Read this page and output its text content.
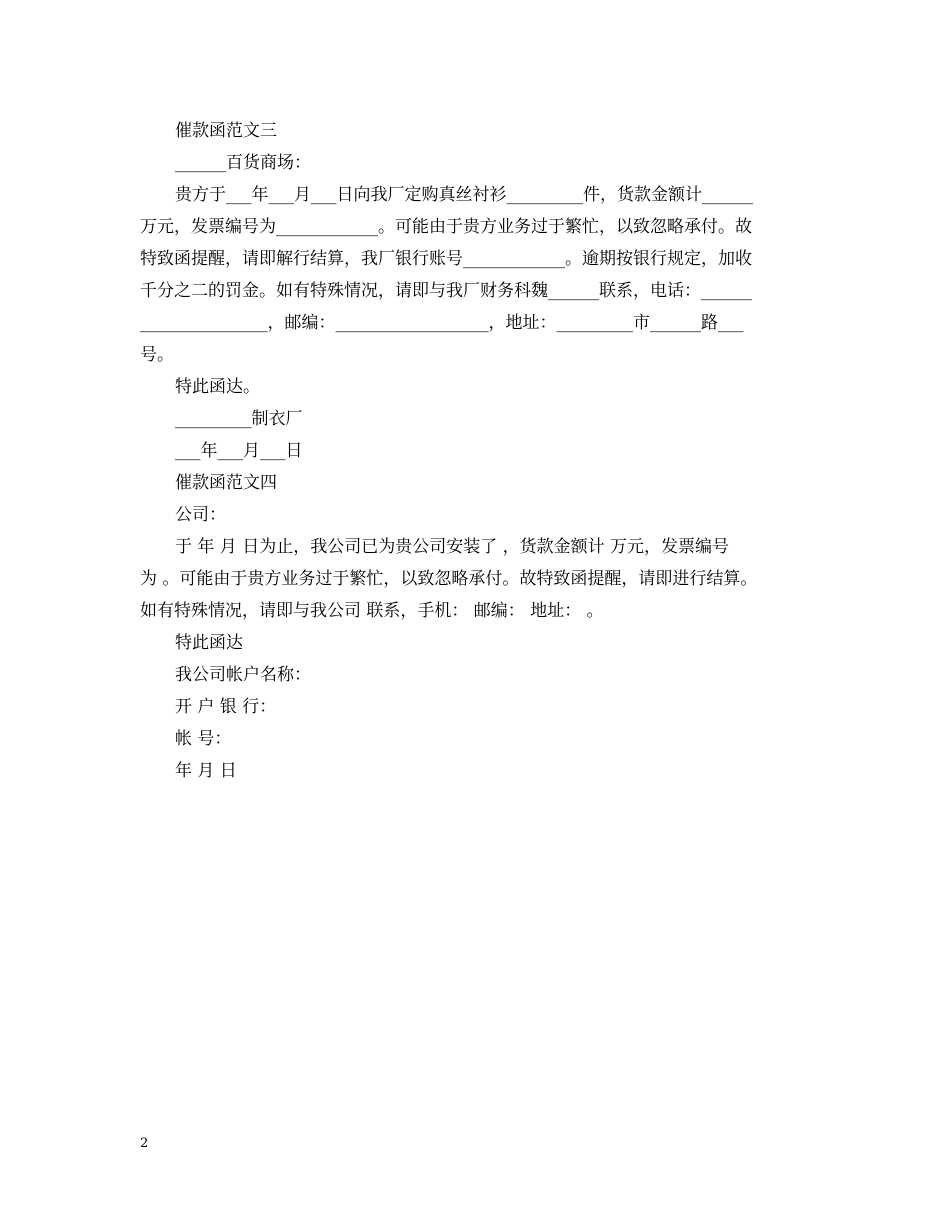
催款函范文三
______百货商场：
贵方于___年___月___日向我厂定购真丝衬衫_________件，货款金额计______
万元，发票编号为____________。可能由于贵方业务过于繁忙，以致忽略承付。故
特致函提醒，请即解行结算，我厂银行账号____________。逾期按银行规定，加收
千分之二的罚金。如有特殊情况，请即与我厂财务科魏______联系，电话：______
_______________，邮编：__________________，地址：_________市______路___
号。
特此函达。
_________制衣厂
___年___月___日
催款函范文四
公司：
于 年 月 日为止，我公司已为贵公司安装了 ，货款金额计 万元，发票编号
为 。可能由于贵方业务过于繁忙，以致忽略承付。故特致函提醒，请即进行结算。
如有特殊情况，请即与我公司 联系，手机： 邮编： 地址： 。
特此函达
我公司帐户名称：
开 户 银 行：
帐 号：
年 月 日
2
